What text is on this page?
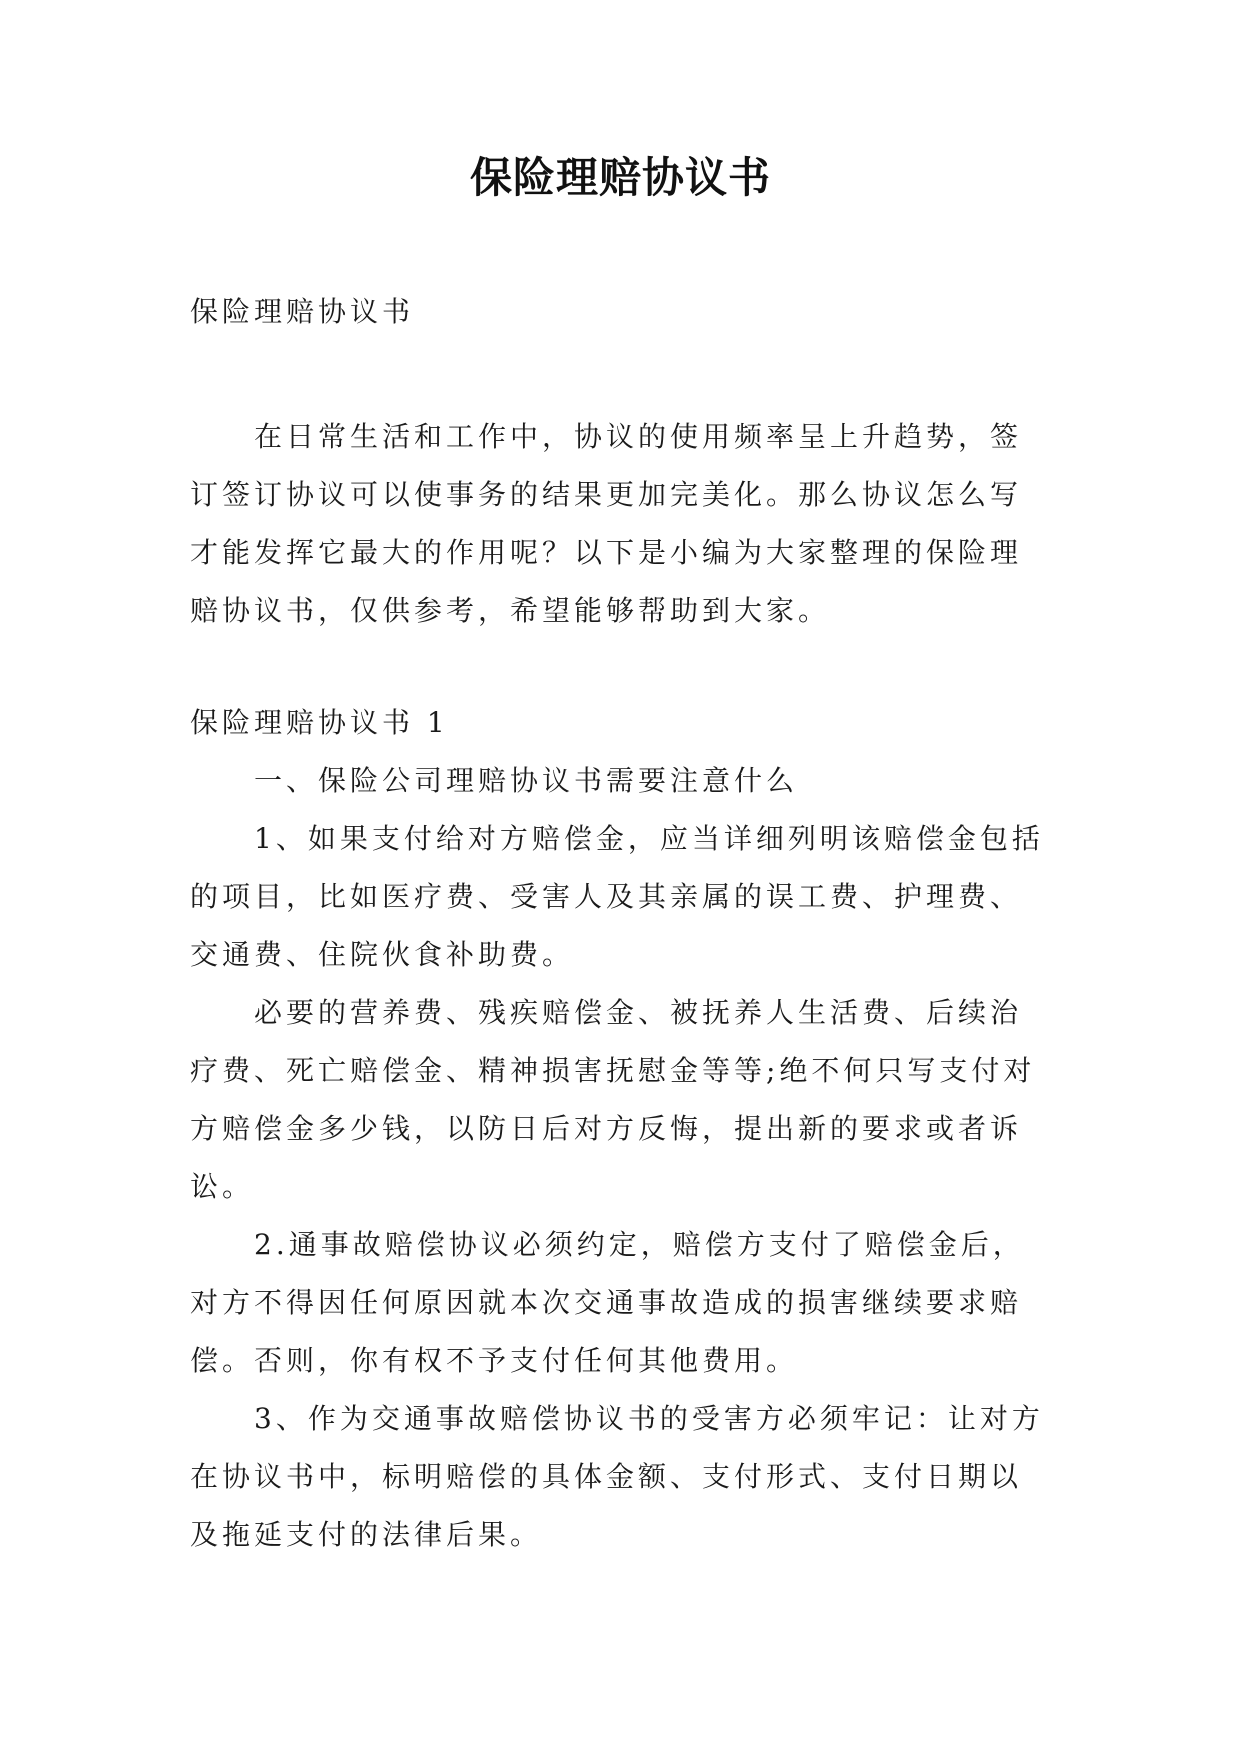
保险理赔协议书
保险理赔协议书
在日常生活和工作中，协议的使用频率呈上升趋势，签订签订协议可以使事务的结果更加完美化。那么协议怎么写才能发挥它最大的作用呢？以下是小编为大家整理的保险理赔协议书，仅供参考，希望能够帮助到大家。

保险理赔协议书 1

一、保险公司理赔协议书需要注意什么

1、如果支付给对方赔偿金，应当详细列明该赔偿金包括的项目，比如医疗费、受害人及其亲属的误工费、护理费、交通费、住院伙食补助费。

必要的营养费、残疾赔偿金、被抚养人生活费、后续治疗费、死亡赔偿金、精神损害抚慰金等等;绝不何只写支付对方赔偿金多少钱，以防日后对方反悔，提出新的要求或者诉讼。

2.通事故赔偿协议必须约定，赔偿方支付了赔偿金后，对方不得因任何原因就本次交通事故造成的损害继续要求赔偿。否则，你有权不予支付任何其他费用。

3、作为交通事故赔偿协议书的受害方必须牢记：让对方在协议书中，标明赔偿的具体金额、支付形式、支付日期以及拖延支付的法律后果。
